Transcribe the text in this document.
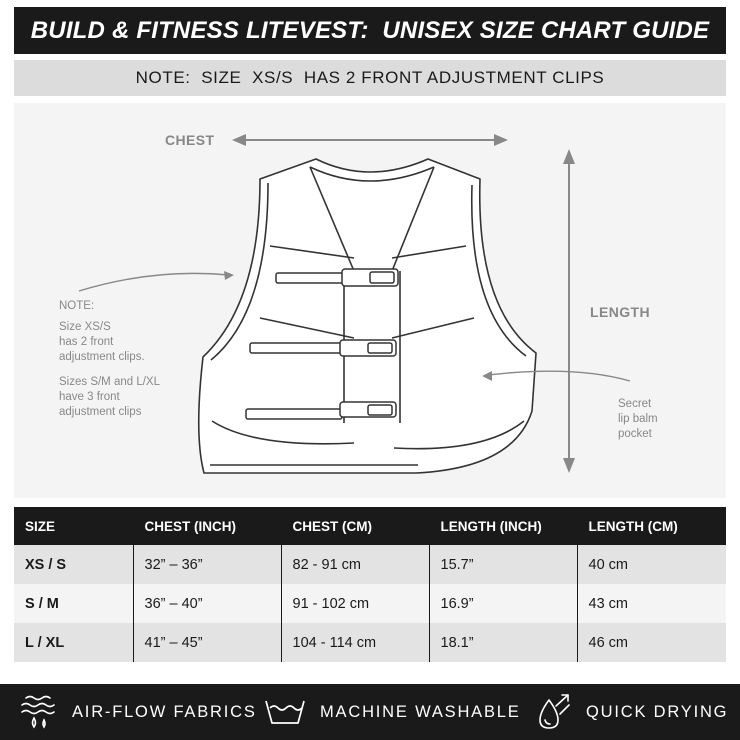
BUILD & FITNESS LITEVEST:  UNISEX SIZE CHART GUIDE
NOTE:  SIZE  XS/S  HAS 2 FRONT ADJUSTMENT CLIPS
CHEST
LENGTH
NOTE:
Size XS/S
has 2 front
adjustment clips.
Sizes S/M and L/XL
have 3 front
adjustment clips
Secret
lip balm
pocket
SIZE	CHEST (INCH)	CHEST (CM)	LENGTH (INCH)	LENGTH (CM)
XS / S	32” – 36”	82 - 91 cm	15.7”	40 cm
S / M	36” – 40”	91 - 102 cm	16.9”	43 cm
L / XL	41” – 45”	104 - 114 cm	18.1”	46 cm
AIR-FLOW FABRICS	MACHINE WASHABLE	QUICK DRYING
